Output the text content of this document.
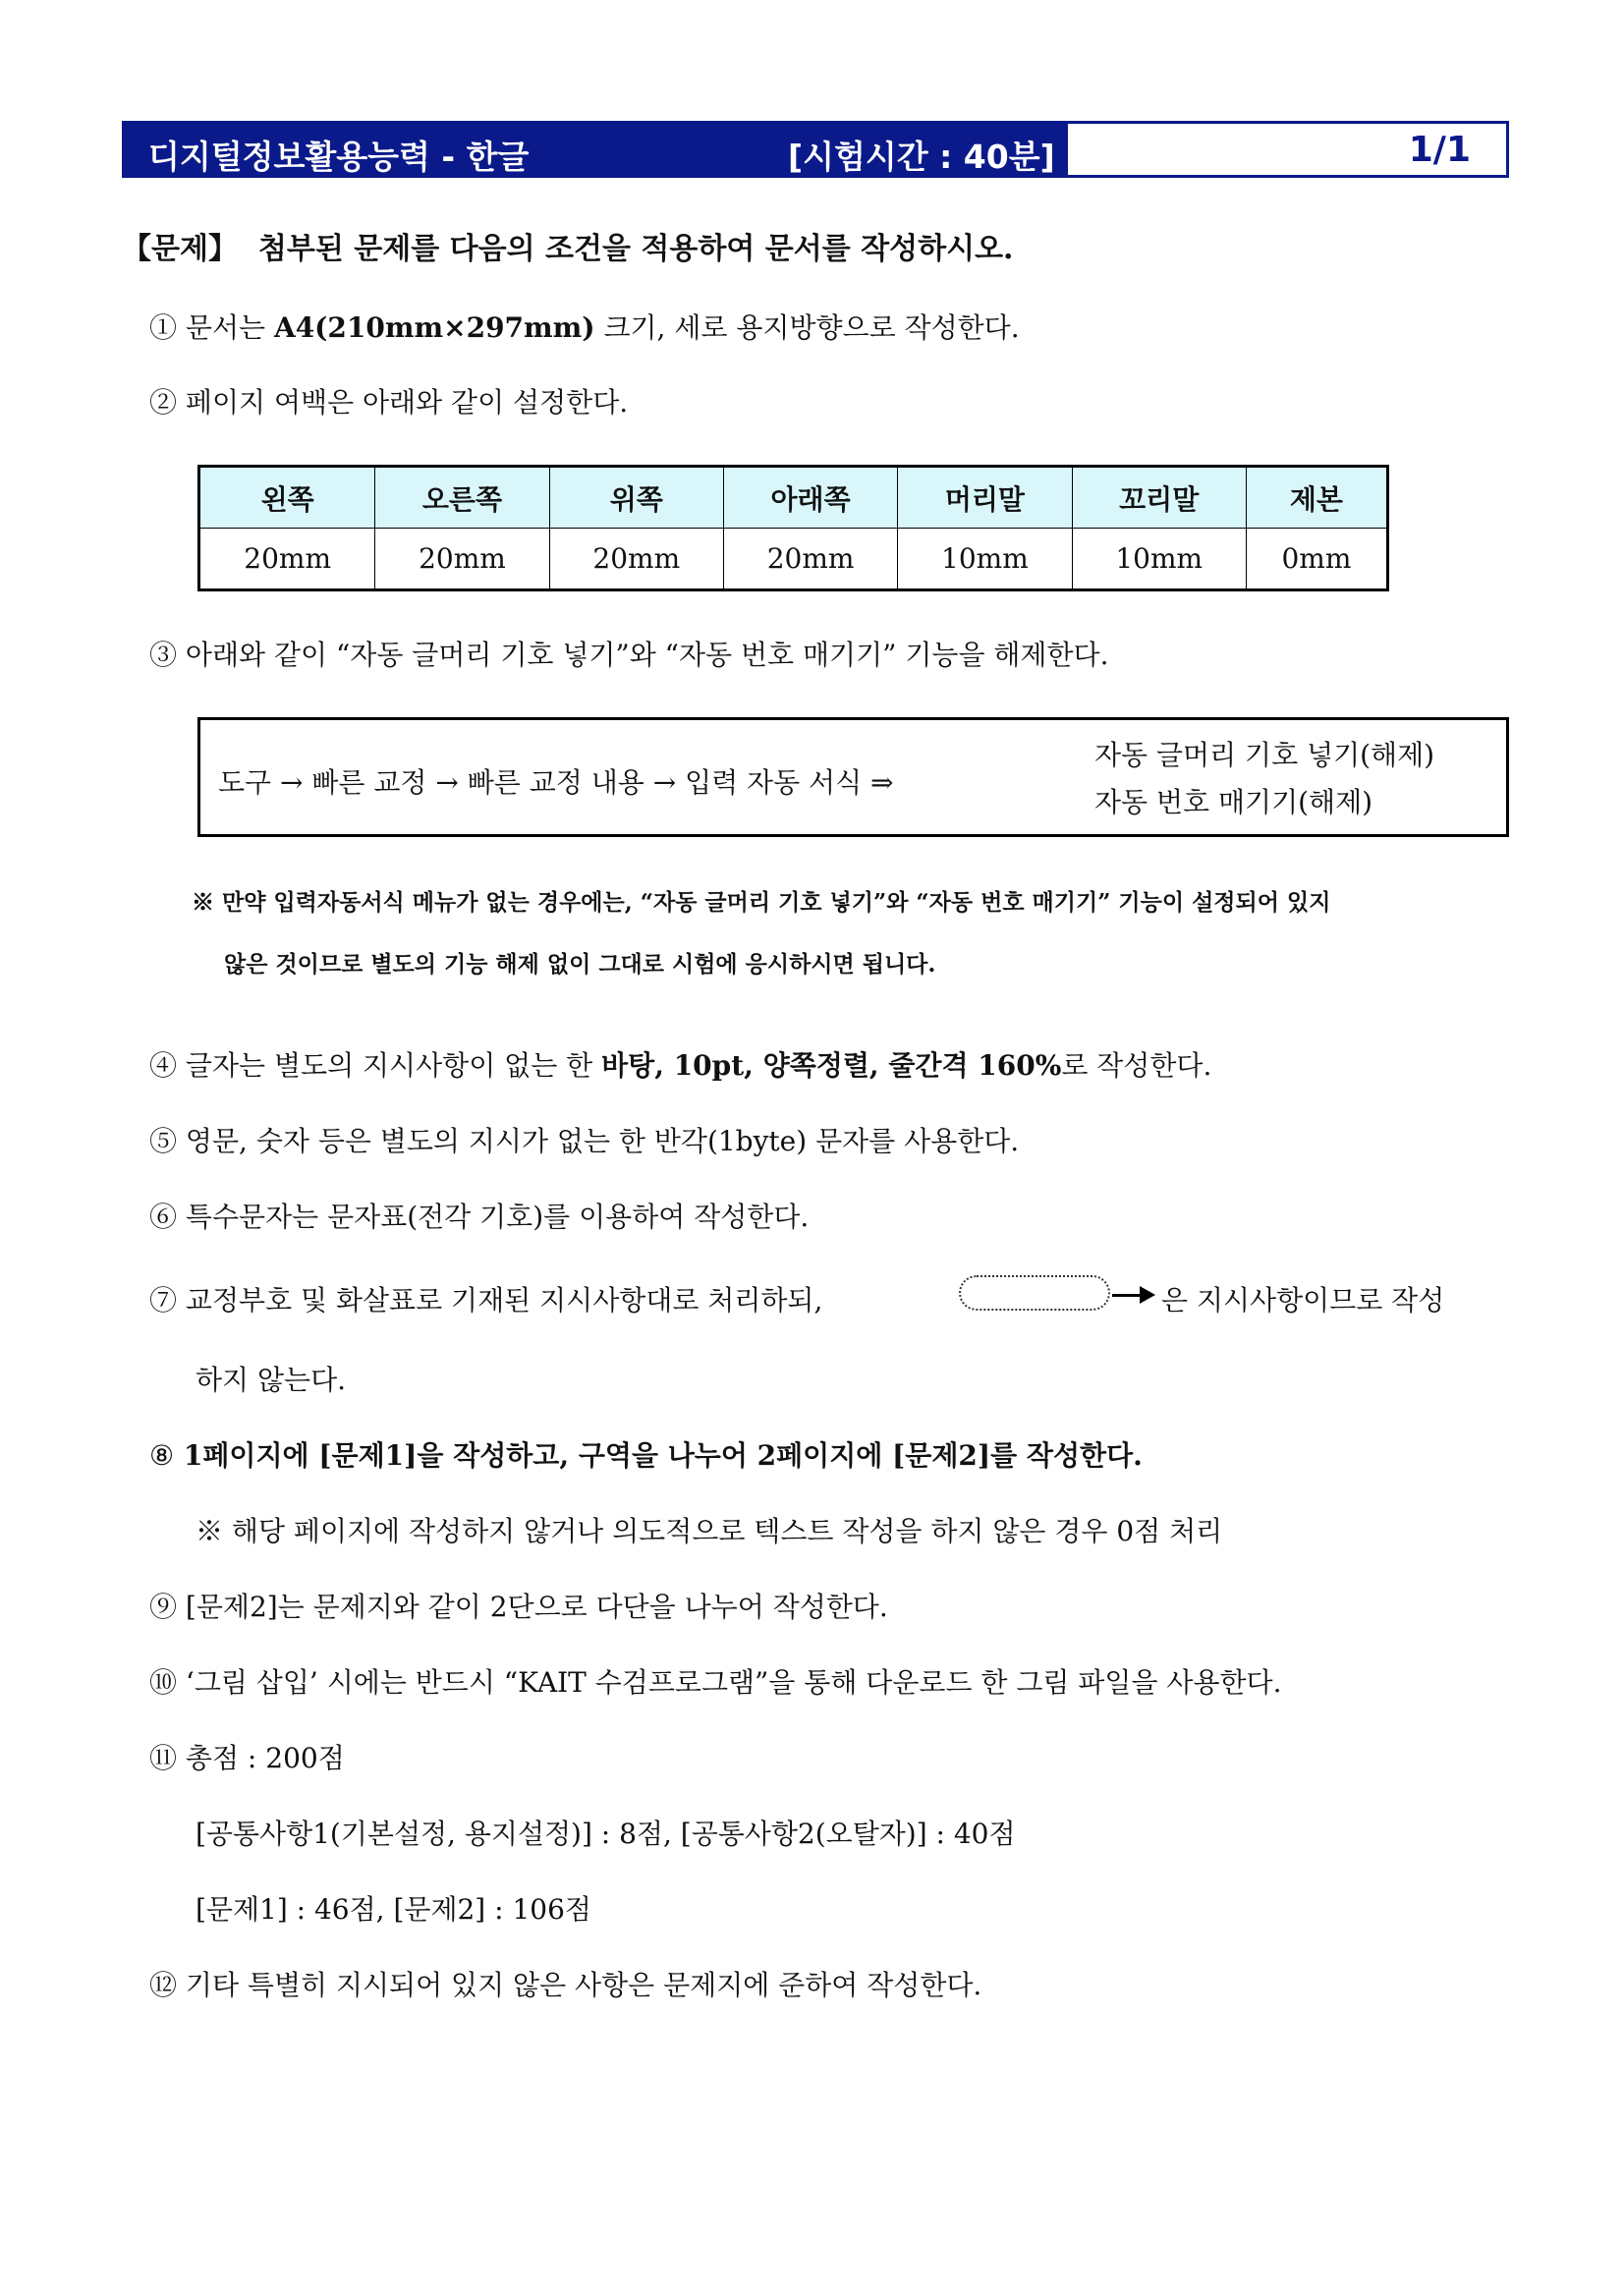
디지털정보활용능력 - 한글	[시험시간 : 40분]	1/1
【문제】 첨부된 문제를 다음의 조건을 적용하여 문서를 작성하시오.
① 문서는 A4(210mm×297mm) 크기, 세로 용지방향으로 작성한다.
② 페이지 여백은 아래와 같이 설정한다.
왼쪽	오른쪽	위쪽	아래쪽	머리말	꼬리말	제본
20mm	20mm	20mm	20mm	10mm	10mm	0mm
③ 아래와 같이 “자동 글머리 기호 넣기”와 “자동 번호 매기기” 기능을 해제한다.
도구 → 빠른 교정 → 빠른 교정 내용 → 입력 자동 서식 ⇒
자동 글머리 기호 넣기(해제)
자동 번호 매기기(해제)
※ 만약 입력자동서식 메뉴가 없는 경우에는, “자동 글머리 기호 넣기”와 “자동 번호 매기기” 기능이 설정되어 있지
않은 것이므로 별도의 기능 해제 없이 그대로 시험에 응시하시면 됩니다.
④ 글자는 별도의 지시사항이 없는 한 바탕, 10pt, 양쪽정렬, 줄간격 160%로 작성한다.
⑤ 영문, 숫자 등은 별도의 지시가 없는 한 반각(1byte) 문자를 사용한다.
⑥ 특수문자는 문자표(전각 기호)를 이용하여 작성한다.
⑦ 교정부호 및 화살표로 기재된 지시사항대로 처리하되,	은 지시사항이므로 작성
하지 않는다.
⑧ 1페이지에 [문제1]을 작성하고, 구역을 나누어 2페이지에 [문제2]를 작성한다.
※ 해당 페이지에 작성하지 않거나 의도적으로 텍스트 작성을 하지 않은 경우 0점 처리
⑨ [문제2]는 문제지와 같이 2단으로 다단을 나누어 작성한다.
⑩ ‘그림 삽입’ 시에는 반드시 “KAIT 수검프로그램”을 통해 다운로드 한 그림 파일을 사용한다.
⑪ 총점 : 200점
[공통사항1(기본설정, 용지설정)] : 8점, [공통사항2(오탈자)] : 40점
[문제1] : 46점, [문제2] : 106점
⑫ 기타 특별히 지시되어 있지 않은 사항은 문제지에 준하여 작성한다.
